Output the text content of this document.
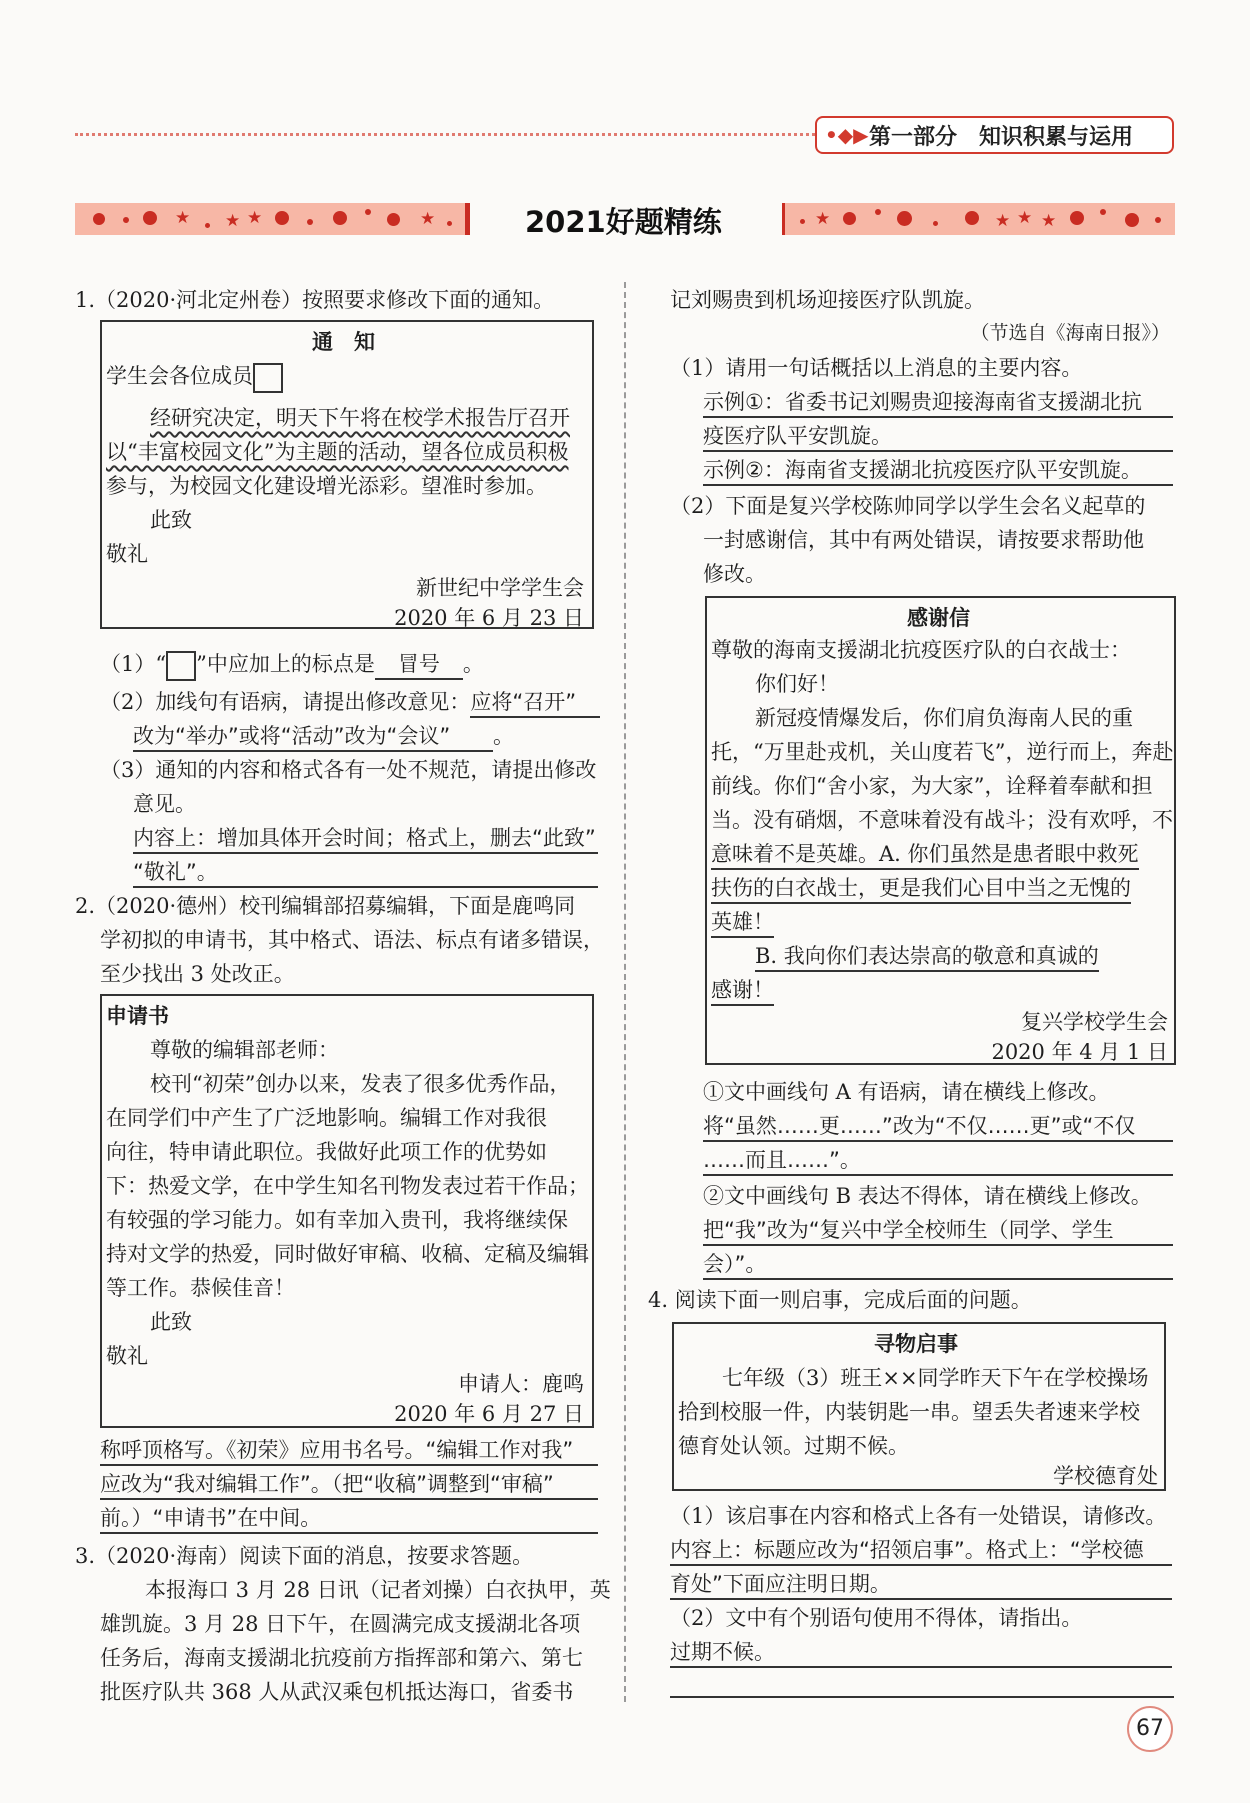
•◆▶ 第一部分　知识积累与运用
★ ★ ★	★	2021好题精练	★	★ ★ ★
1.（2020·河北定州卷）按照要求修改下面的通知。
通　知
学生会各位成员
经研究决定，明天下午将在校学术报告厅召开
以“丰富校园文化”为主题的活动，望各位成员积极
参与，为校园文化建设增光添彩。望准时参加。
此致
敬礼
新世纪中学学生会
2020 年 6 月 23 日
（1）“ ”中应加上的标点是 冒号 。
（2）加线句有语病，请提出修改意见：应将“召开”
改为“举办”或将“活动”改为“会议” 。
（3）通知的内容和格式各有一处不规范，请提出修改
意见。
内容上：增加具体开会时间；格式上，删去“此致”
“敬礼”。
2.（2020·德州）校刊编辑部招募编辑，下面是鹿鸣同
学初拟的申请书，其中格式、语法、标点有诸多错误，
至少找出 3 处改正。
申请书
尊敬的编辑部老师：
校刊“初荣”创办以来，发表了很多优秀作品，
在同学们中产生了广泛地影响。编辑工作对我很
向往，特申请此职位。我做好此项工作的优势如
下：热爱文学，在中学生知名刊物发表过若干作品；
有较强的学习能力。如有幸加入贵刊，我将继续保
持对文学的热爱，同时做好审稿、收稿、定稿及编辑
等工作。恭候佳音！
此致
敬礼
申请人：鹿鸣
2020 年 6 月 27 日
称呼顶格写。《初荣》应用书名号。“编辑工作对我”
应改为“我对编辑工作”。（把“收稿”调整到“审稿”
前。）“申请书”在中间。
3.（2020·海南）阅读下面的消息，按要求答题。
本报海口 3 月 28 日讯（记者刘操）白衣执甲，英
雄凯旋。3 月 28 日下午，在圆满完成支援湖北各项
任务后，海南支援湖北抗疫前方指挥部和第六、第七
批医疗队共 368 人从武汉乘包机抵达海口，省委书
记刘赐贵到机场迎接医疗队凯旋。
（节选自《海南日报》）
（1）请用一句话概括以上消息的主要内容。
示例①：省委书记刘赐贵迎接海南省支援湖北抗
疫医疗队平安凯旋。
示例②：海南省支援湖北抗疫医疗队平安凯旋。
（2）下面是复兴学校陈帅同学以学生会名义起草的
一封感谢信，其中有两处错误，请按要求帮助他
修改。
感谢信
尊敬的海南支援湖北抗疫医疗队的白衣战士：
你们好！
新冠疫情爆发后，你们肩负海南人民的重
托，“万里赴戎机，关山度若飞”，逆行而上，奔赴
前线。你们“舍小家，为大家”，诠释着奉献和担
当。没有硝烟，不意味着没有战斗；没有欢呼，不
意味着不是英雄。A. 你们虽然是患者眼中救死
扶伤的白衣战士，更是我们心目中当之无愧的
英雄！
B. 我向你们表达崇高的敬意和真诚的
感谢！
复兴学校学生会
2020 年 4 月 1 日
①文中画线句 A 有语病，请在横线上修改。
将“虽然……更……”改为“不仅……更”或“不仅
……而且……”。
②文中画线句 B 表达不得体，请在横线上修改。
把“我”改为“复兴中学全校师生（同学、学生
会）”。
4. 阅读下面一则启事，完成后面的问题。
寻物启事
七年级（3）班王××同学昨天下午在学校操场
拾到校服一件，内装钥匙一串。望丢失者速来学校
德育处认领。过期不候。
学校德育处
（1）该启事在内容和格式上各有一处错误，请修改。
内容上：标题应改为“招领启事”。格式上：“学校德
育处”下面应注明日期。
（2）文中有个别语句使用不得体，请指出。
过期不候。
67
